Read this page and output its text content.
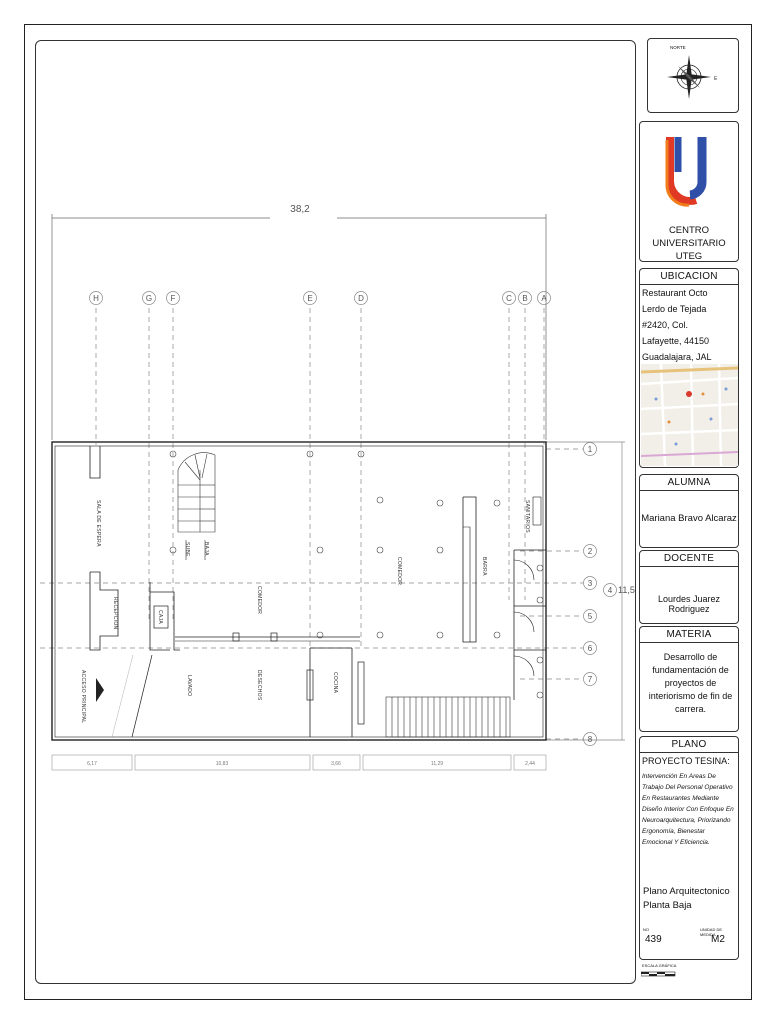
38,2
H	G F	E	D	C B A
1
2
3
4
5
6
7
8
11,5
6,17	10,83	3,66	11,29	2,44
SALA DE ESPERA
RECEPCION	CAJA
SUBE	BAJA
COMEDOR
COMEDOR	BARRA
SANITARIOS
LAVADO	DESECHOS	COCINA
ACCESO PRINCIPAL
E
NORTE
CENTRO UNIVERSITARIO UTEG
UBICACION
Restaurant Octo
Lerdo de Tejada #2420, Col.
Lafayette, 44150
Guadalajara, JAL
ALUMNA
Mariana Bravo Alcaraz
DOCENTE
Lourdes Juarez Rodriguez
MATERIA
Desarrollo de fundamentación de proyectos de interiorismo de fin de carrera.
PLANO
PROYECTO TESINA:
Intervención En Areas De Trabajo Del Personal Operativo En Restaurantes Mediante Diseño Interior Con Enfoque En Neuroarquitectura, Priorizando Ergonomía, Bienestar Emocional Y Eficiencia.
Plano Arquitectonico
Planta Baja
NO
439
UNIDAD DE MEDIDA
M2
ESCALA GRÁFICA
